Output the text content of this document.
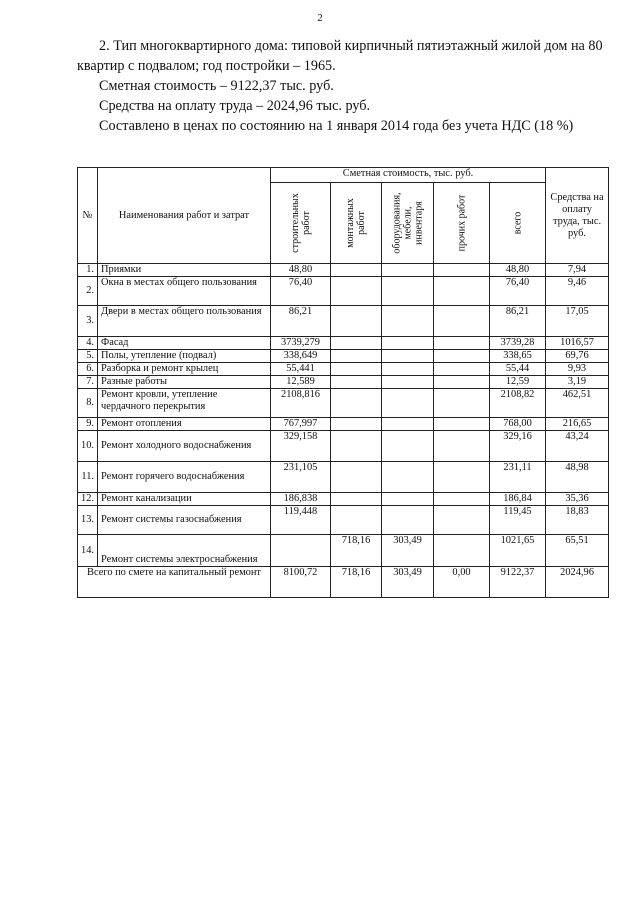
2

2. Тип многоквартирного дома: типовой кирпичный пятиэтажный жилой дом на 80 квартир с подвалом; год постройки – 1965.

Сметная стоимость – 9122,37 тыс. руб.

Средства на оплату труда – 2024,96 тыс. руб.

Составлено в ценах по состоянию на 1 января 2014 года без учета НДС (18 %)

№	Наименования работ и затрат	Сметная стоимость, тыс. руб.					Средства на оплату труда, тыс. руб.

		строительных работ	монтажных работ	оборудования, мебели, инвентаря	прочих работ	всего	

1.	Приямки	48,80				48,80	7,94
2.	Окна в местах общего пользования	76,40				76,40	9,46
3.	Двери в местах общего пользования	86,21				86,21	17,05
4.	Фасад	3739,279				3739,28	1016,57
5.	Полы, утепление (подвал)	338,649				338,65	69,76
6.	Разборка и ремонт крылец	55,441				55,44	9,93
7.	Разные работы	12,589				12,59	3,19
8.	Ремонт кровли, утепление чердачного перекрытия	2108,816				2108,82	462,51
9.	Ремонт отопления	767,997				768,00	216,65
10.	Ремонт холодного водоснабжения	329,158				329,16	43,24
11.	Ремонт горячего водоснабжения	231,105				231,11	48,98
12.	Ремонт канализации	186,838				186,84	35,36
13.	Ремонт системы газоснабжения	119,448				119,45	18,83
14.	Ремонт системы электроснабжения		718,16	303,49		1021,65	65,51
Всего по смете на капитальный ремонт		8100,72	718,16	303,49	0,00	9122,37	2024,96
